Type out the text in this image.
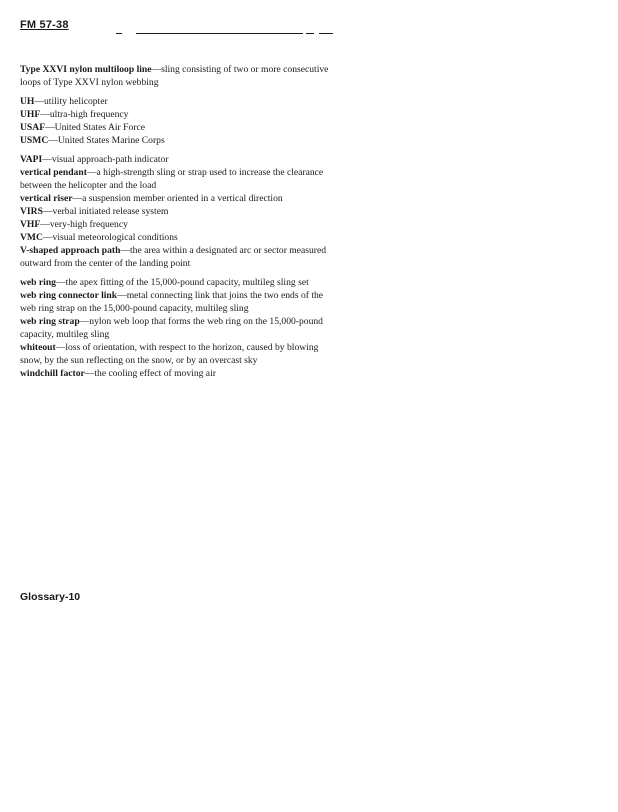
FM 57-38

Type XXVI nylon multiloop line—sling consisting of two or more consecutive loops of Type XXVI nylon webbing

UH—utility helicopter

UHF—ultra-high frequency

USAF—United States Air Force

USMC—United States Marine Corps

VAPI—visual approach-path indicator

vertical pendant—a high-strength sling or strap used to increase the clearance between the helicopter and the load

vertical riser—a suspension member oriented in a vertical direction

VIRS—verbal initiated release system

VHF—very-high frequency

VMC—visual meteorological conditions

V-shaped approach path—the area within a designated arc or sector measured outward from the center of the landing point

web ring—the apex fitting of the 15,000-pound capacity, multileg sling set

web ring connector link—metal connecting link that joins the two ends of the web ring strap on the 15,000-pound capacity, multileg sling

web ring strap—nylon web loop that forms the web ring on the 15,000-pound capacity, multileg sling

whiteout—loss of orientation, with respect to the horizon, caused by blowing snow, by the sun reflecting on the snow, or by an overcast sky

windchill factor—the cooling effect of moving air

Glossary-10
